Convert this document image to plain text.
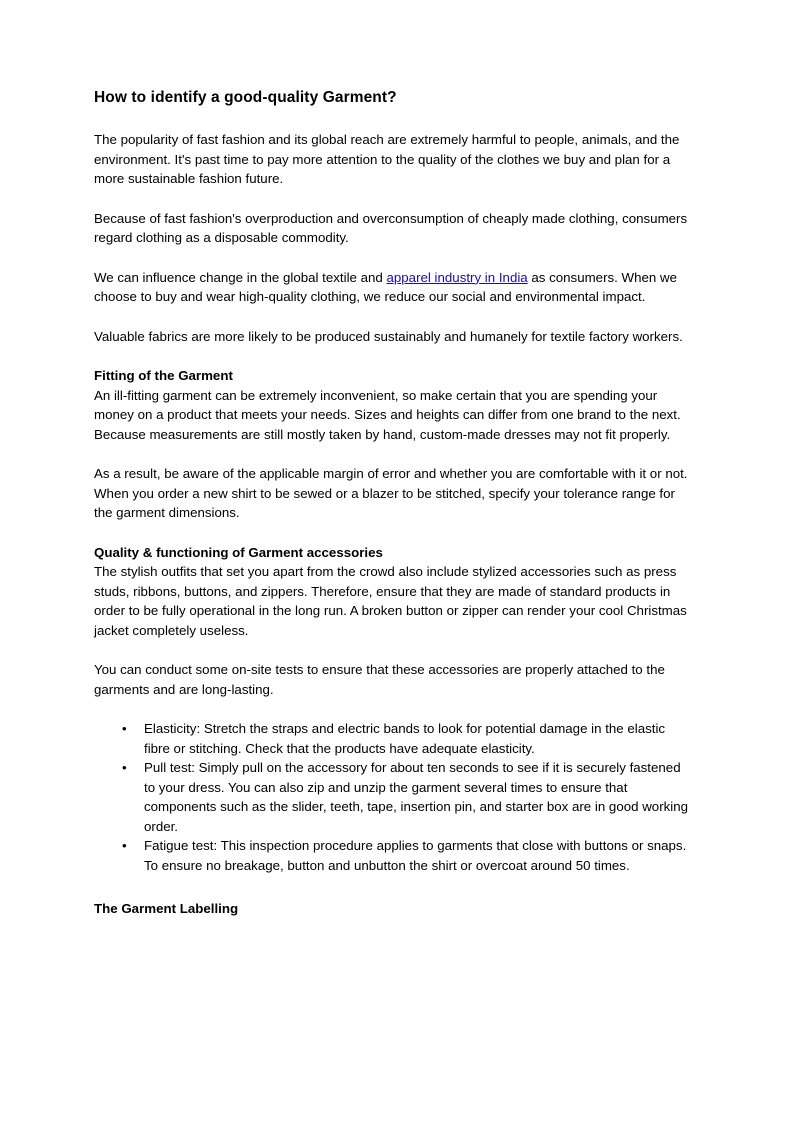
How to identify a good-quality Garment?

The popularity of fast fashion and its global reach are extremely harmful to people, animals, and the environment. It's past time to pay more attention to the quality of the clothes we buy and plan for a more sustainable fashion future.

Because of fast fashion's overproduction and overconsumption of cheaply made clothing, consumers regard clothing as a disposable commodity.

We can influence change in the global textile and apparel industry in India as consumers. When we choose to buy and wear high-quality clothing, we reduce our social and environmental impact.

Valuable fabrics are more likely to be produced sustainably and humanely for textile factory workers.

Fitting of the Garment

An ill-fitting garment can be extremely inconvenient, so make certain that you are spending your money on a product that meets your needs. Sizes and heights can differ from one brand to the next. Because measurements are still mostly taken by hand, custom-made dresses may not fit properly.

As a result, be aware of the applicable margin of error and whether you are comfortable with it or not. When you order a new shirt to be sewed or a blazer to be stitched, specify your tolerance range for the garment dimensions.

Quality & functioning of Garment accessories

The stylish outfits that set you apart from the crowd also include stylized accessories such as press studs, ribbons, buttons, and zippers. Therefore, ensure that they are made of standard products in order to be fully operational in the long run. A broken button or zipper can render your cool Christmas jacket completely useless.

You can conduct some on-site tests to ensure that these accessories are properly attached to the garments and are long-lasting.

• Elasticity: Stretch the straps and electric bands to look for potential damage in the elastic fibre or stitching. Check that the products have adequate elasticity.
• Pull test: Simply pull on the accessory for about ten seconds to see if it is securely fastened to your dress. You can also zip and unzip the garment several times to ensure that components such as the slider, teeth, tape, insertion pin, and starter box are in good working order.
• Fatigue test: This inspection procedure applies to garments that close with buttons or snaps. To ensure no breakage, button and unbutton the shirt or overcoat around 50 times.
The Garment Labelling
